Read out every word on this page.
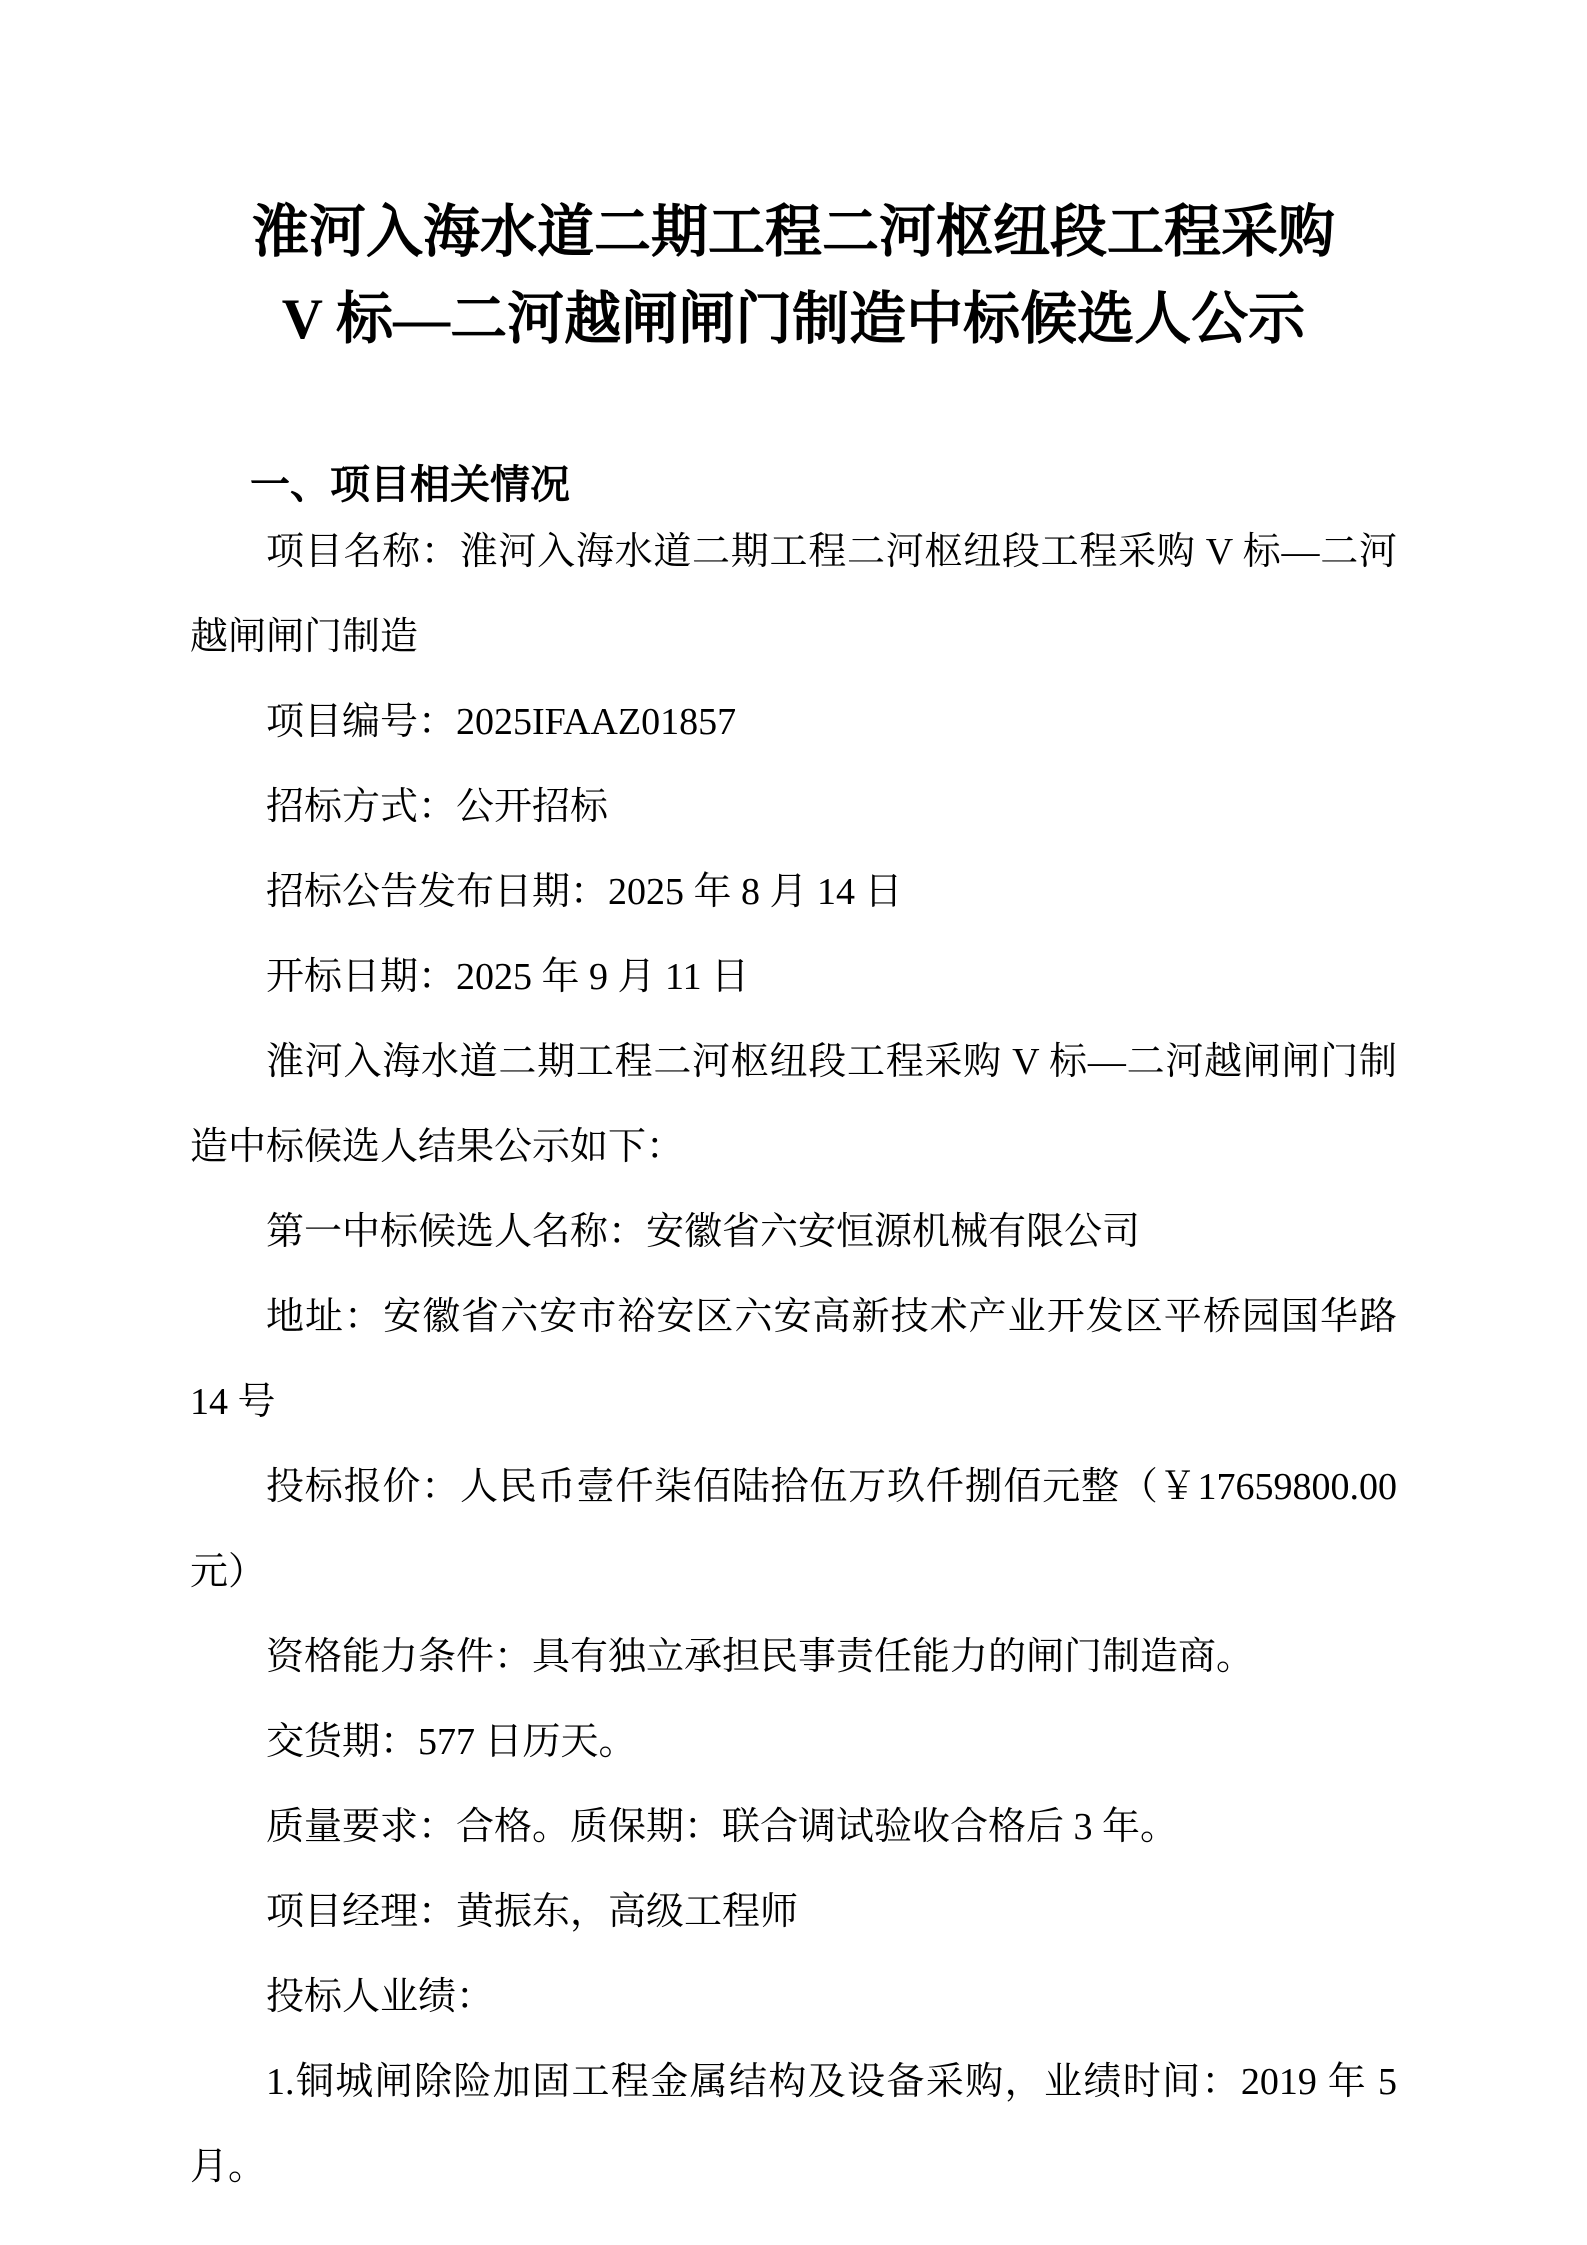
淮河入海水道二期工程二河枢纽段工程采购
V 标—二河越闸闸门制造中标候选人公示
一、项目相关情况

项目名称：淮河入海水道二期工程二河枢纽段工程采购 V 标—二河越闸闸门制造

项目编号：2025IFAAZ01857

招标方式：公开招标

招标公告发布日期：2025 年 8 月 14 日

开标日期：2025 年 9 月 11 日

淮河入海水道二期工程二河枢纽段工程采购 V 标—二河越闸闸门制造中标候选人结果公示如下：

第一中标候选人名称：安徽省六安恒源机械有限公司

地址：安徽省六安市裕安区六安高新技术产业开发区平桥园国华路 14 号

投标报价：人民币壹仟柒佰陆拾伍万玖仟捌佰元整（￥17659800.00 元）

资格能力条件：具有独立承担民事责任能力的闸门制造商。

交货期：577 日历天。

质量要求：合格。质保期：联合调试验收合格后 3 年。

项目经理：黄振东，高级工程师

投标人业绩：

1.铜城闸除险加固工程金属结构及设备采购，业绩时间：2019 年 5 月。
